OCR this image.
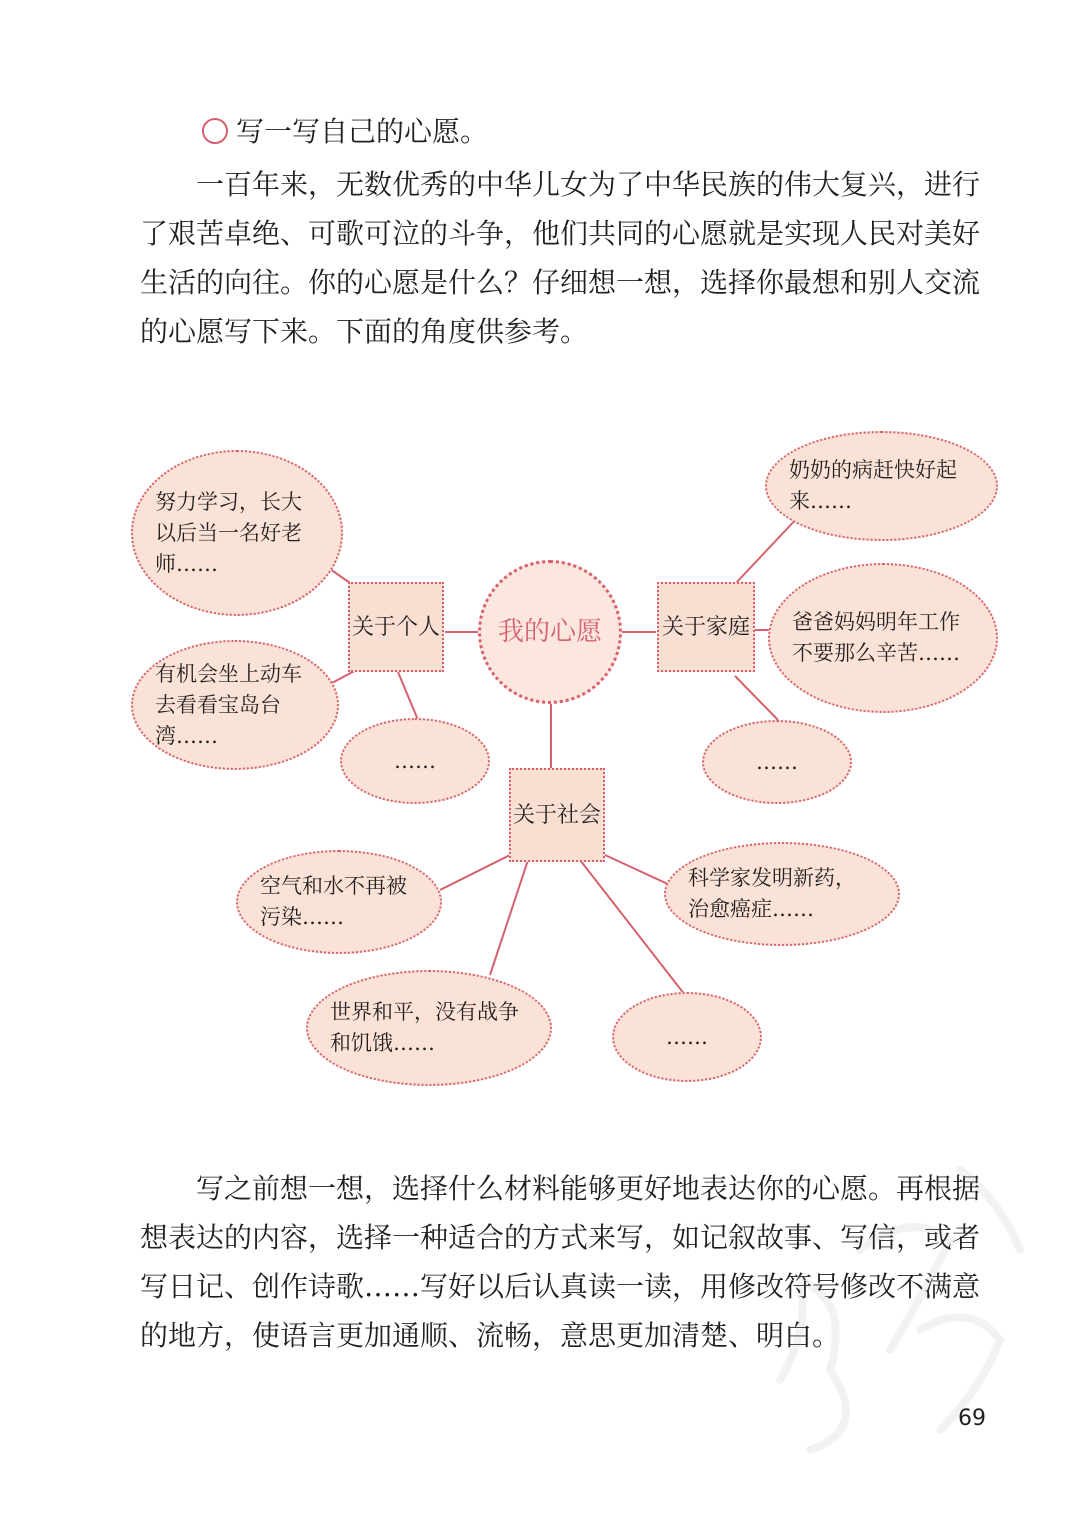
写一写自己的心愿。

一百年来，无数优秀的中华儿女为了中华民族的伟大复兴，进行了艰苦卓绝、可歌可泣的斗争，他们共同的心愿就是实现人民对美好生活的向往。你的心愿是什么？仔细想一想，选择你最想和别人交流的心愿写下来。下面的角度供参考。

我的心愿
关于个人	关于家庭
关于社会
努力学习，长大以后当一名好老师……
有机会坐上动车去看看宝岛台湾……
……
奶奶的病赶快好起来……
爸爸妈妈明年工作不要那么辛苦……
……
空气和水不再被污染……
世界和平，没有战争和饥饿……	……
科学家发明新药，治愈癌症……

写之前想一想，选择什么材料能够更好地表达你的心愿。再根据想表达的内容，选择一种适合的方式来写，如记叙故事、写信，或者写日记、创作诗歌……写好以后认真读一读，用修改符号修改不满意的地方，使语言更加通顺、流畅，意思更加清楚、明白。

69
